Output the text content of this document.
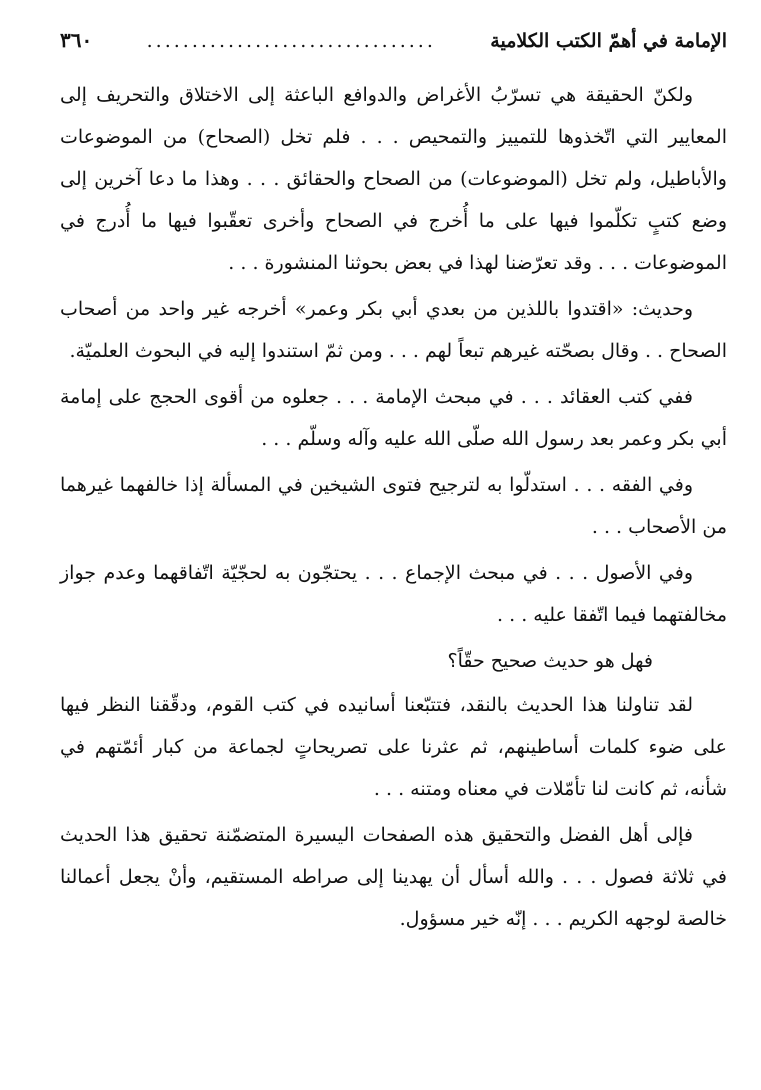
الإمامة في أهمّ الكتب الكلامية
................................
٣٦٠

ولكنّ الحقيقة هي تسرّبُ الأغراض والدوافع الباعثة إلى الاختلاق والتحريف إلى المعايير التي اتّخذوها للتمييز والتمحيص . . . فلم تخل (الصحاح) من الموضوعات والأباطيل، ولم تخل (الموضوعات) من الصحاح والحقائق . . . وهذا ما دعا آخرين إلى وضع كتبٍ تكلّموا فيها على ما أُخرج في الصحاح وأخرى تعقّبوا فيها ما أُدرج في الموضوعات . . . وقد تعرّضنا لهذا في بعض بحوثنا المنشورة . . .

وحديث: «اقتدوا باللذين من بعدي أبي بكر وعمر» أخرجه غير واحد من أصحاب الصحاح . . وقال بصحّته غيرهم تبعاً لهم . . . ومن ثمّ استندوا إليه في البحوث العلميّة.

ففي كتب العقائد . . . في مبحث الإمامة . . . جعلوه من أقوى الحجج على إمامة أبي بكر وعمر بعد رسول الله صلّى الله عليه وآله وسلّم . . .

وفي الفقه . . . استدلّوا به لترجيح فتوى الشيخين في المسألة إذا خالفهما غيرهما من الأصحاب . . .

وفي الأصول . . . في مبحث الإجماع . . . يحتجّون به لحجّيّة اتّفاقهما وعدم جواز مخالفتهما فيما اتّفقا عليه . . .

فهل هو حديث صحيح حقّاً؟

لقد تناولنا هذا الحديث بالنقد، فتتبّعنا أسانيده في كتب القوم، ودقّقنا النظر فيها على ضوء كلمات أساطينهم، ثم عثرنا على تصريحاتٍ لجماعة من كبار أئمّتهم في شأنه، ثم كانت لنا تأمّلات في معناه ومتنه . . .

فإلى أهل الفضل والتحقيق هذه الصفحات اليسيرة المتضمّنة تحقيق هذا الحديث في ثلاثة فصول . . . والله أسأل أن يهدينا إلى صراطه المستقيم، وأنْ يجعل أعمالنا خالصة لوجهه الكريم . . . إنّه خير مسؤول.
